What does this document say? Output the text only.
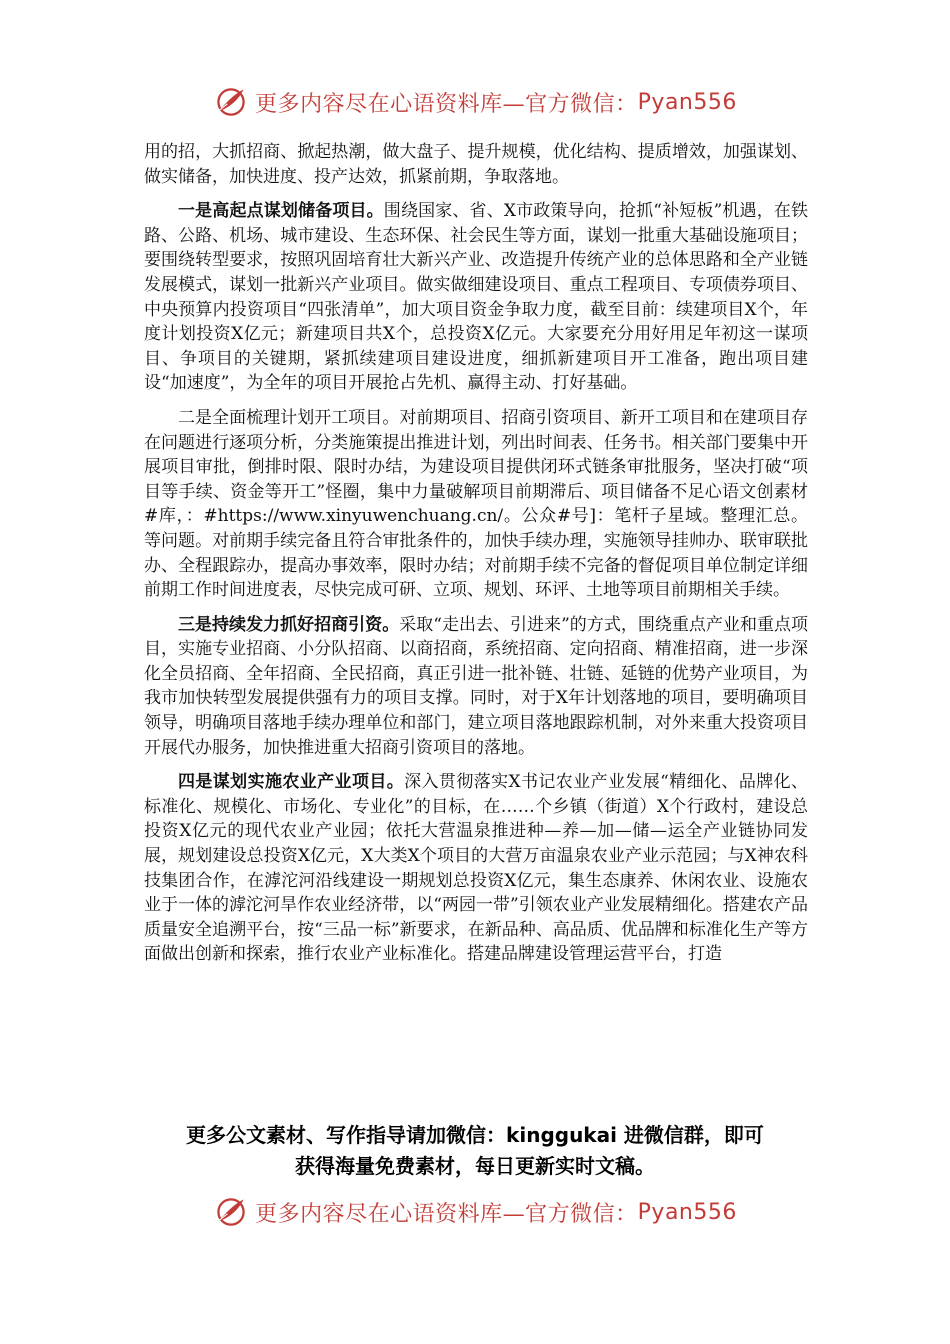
更多内容尽在心语资料库—官方微信： Pyan556

用的招，大抓招商、掀起热潮，做大盘子、提升规模，优化结构、提质增效，加强谋划、做实储备，加快进度、投产达效，抓紧前期，争取落地。

一是高起点谋划储备项目。围绕国家、省、X市政策导向，抢抓“补短板”机遇，在铁路、公路、机场、城市建设、生态环保、社会民生等方面，谋划一批重大基础设施项目；要围绕转型要求，按照巩固培育壮大新兴产业、改造提升传统产业的总体思路和全产业链发展模式，谋划一批新兴产业项目。做实做细建设项目、重点工程项目、专项债券项目、中央预算内投资项目“四张清单”，加大项目资金争取力度，截至目前：续建项目X个，年度计划投资X亿元；新建项目共X个，总投资X亿元。大家要充分用好用足年初这一谋项目、争项目的关键期，紧抓续建项目建设进度，细抓新建项目开工准备，跑出项目建设“加速度”，为全年的项目开展抢占先机、赢得主动、打好基础。

二是全面梳理计划开工项目。对前期项目、招商引资项目、新开工项目和在建项目存在问题进行逐项分析，分类施策提出推进计划，列出时间表、任务书。相关部门要集中开展项目审批，倒排时限、限时办结，为建设项目提供闭环式链条审批服务，坚决打破“项目等手续、资金等开工”怪圈，集中力量破解项目前期滞后、项目储备不足心语文创素材#库，：#https://www.xinyuwenchuang.cn/。公众#号]：笔杆子星域。整理汇总。等问题。对前期手续完备且符合审批条件的，加快手续办理，实施领导挂帅办、联审联批办、全程跟踪办，提高办事效率，限时办结；对前期手续不完备的督促项目单位制定详细前期工作时间进度表，尽快完成可研、立项、规划、环评、土地等项目前期相关手续。

三是持续发力抓好招商引资。采取“走出去、引进来”的方式，围绕重点产业和重点项目，实施专业招商、小分队招商、以商招商，系统招商、定向招商、精准招商，进一步深化全员招商、全年招商、全民招商，真正引进一批补链、壮链、延链的优势产业项目，为我市加快转型发展提供强有力的项目支撑。同时，对于X年计划落地的项目，要明确项目领导，明确项目落地手续办理单位和部门，建立项目落地跟踪机制，对外来重大投资项目开展代办服务，加快推进重大招商引资项目的落地。

四是谋划实施农业产业项目。深入贯彻落实X书记农业产业发展“精细化、品牌化、标准化、规模化、市场化、专业化”的目标，在……个乡镇（街道）X个行政村，建设总投资X亿元的现代农业产业园；依托大营温泉推进种—养—加—储—运全产业链协同发展，规划建设总投资X亿元，X大类X个项目的大营万亩温泉农业产业示范园；与X神农科技集团合作，在滹沱河沿线建设一期规划总投资X亿元，集生态康养、休闲农业、设施农业于一体的滹沱河旱作农业经济带，以“两园一带”引领农业产业发展精细化。搭建农产品质量安全追溯平台，按“三品一标”新要求，在新品种、高品质、优品牌和标准化生产等方面做出创新和探索，推行农业产业标准化。搭建品牌建设管理运营平台，打造

更多公文素材、写作指导请加微信：kinggukai 进微信群，即可
获得海量免费素材，每日更新实时文稿。
更多内容尽在心语资料库—官方微信： Pyan556
